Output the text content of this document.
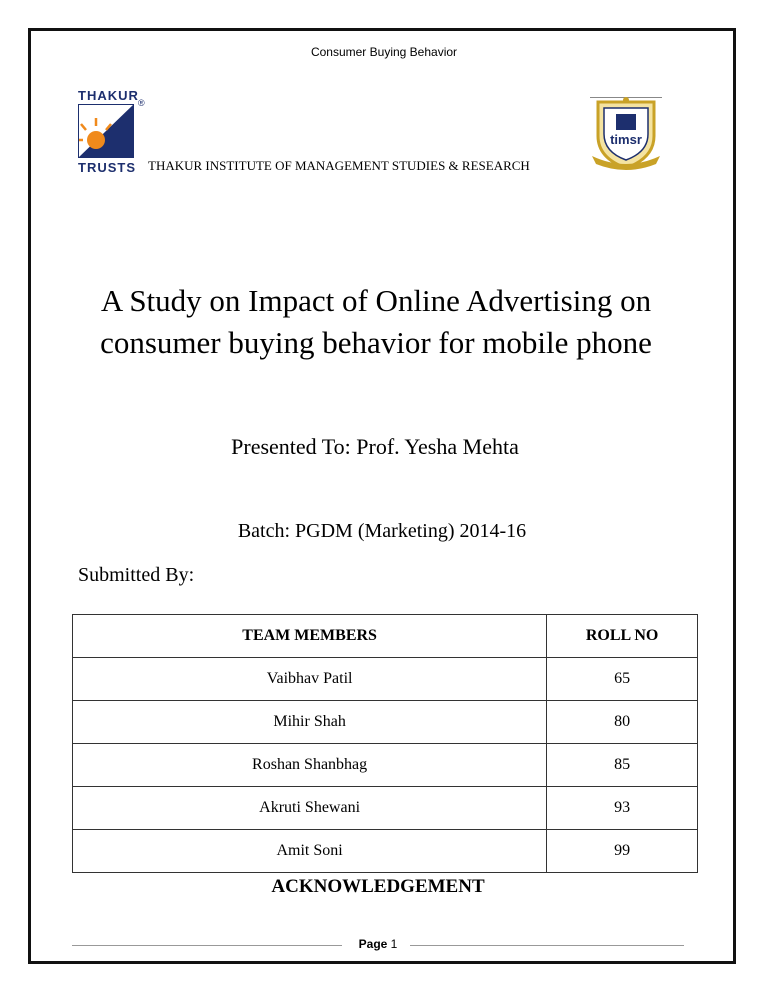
Consumer Buying Behavior
THAKUR ®
TRUSTS THAKUR INSTITUTE OF MANAGEMENT STUDIES & RESEARCH
timsr
A Study on Impact of Online Advertising on
consumer buying behavior for mobile phone
Presented To: Prof. Yesha Mehta
Batch: PGDM (Marketing) 2014-16
Submitted By:
TEAM MEMBERS	ROLL NO
Vaibhav Patil	65
Mihir Shah	80
Roshan Shanbhag	85
Akruti Shewani	93
Amit Soni	99
ACKNOWLEDGEMENT
Page 1
